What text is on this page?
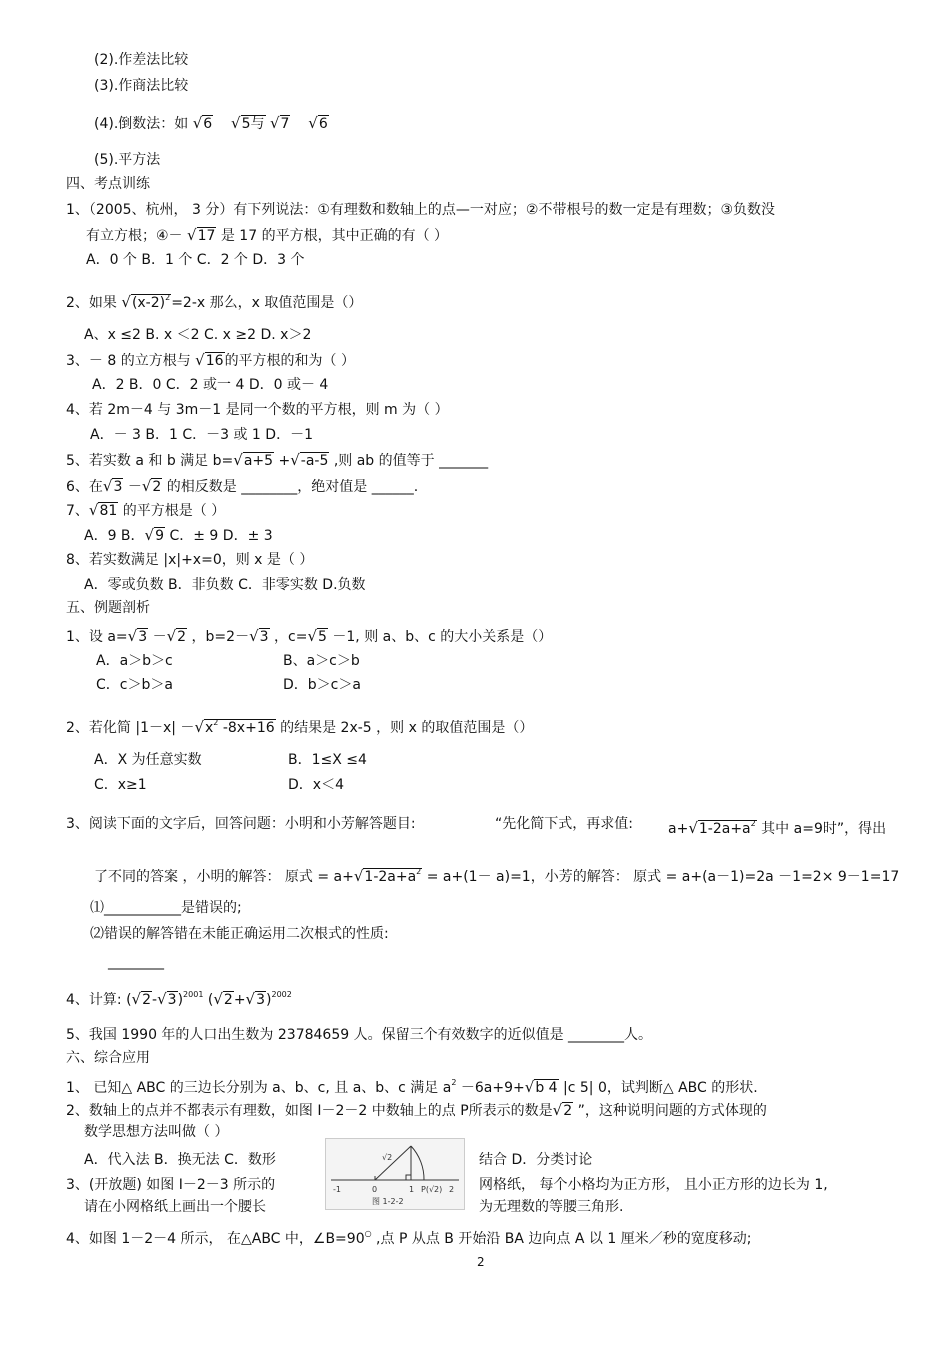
(2).作差法比较
(3).作商法比较
(4).倒数法：如 √6 √5与 √7 √6
(5).平方法
四、考点训练
1、（2005、杭州， 3 分）有下列说法：①有理数和数轴上的点—一对应；②不带根号的数一定是有理数；③负数没
有立方根；④－ √17 是 17 的平方根，其中正确的有（ ）
A．0 个 B．1 个 C．2 个 D．3 个
2、如果 $√(x-2)^2=2-x$ 那么，x 取值范围是（）
A、x ≤2 B. x ＜2 C. x ≥2 D. x＞2
3、－ 8 的立方根与 √16的平方根的和为（ ）
A．2 B．0 C．2 或一 4 D．0 或－ 4
4、若 2m－4 与 3m－1 是同一个数的平方根，则 m 为（ ）
A．－ 3 B．1 C．－3 或 1 D．－1
5、若实数 a 和 b 满足 b=√a+5 +√-a-5 ,则 ab 的值等于 _______
6、在√3 －√2 的相反数是 ________，绝对值是 ______.
7、√81 的平方根是（ ）
A．9 B．√9 C．± 9 D．± 3
8、若实数满足 |x|+x=0，则 x 是（ ）
A．零或负数 B．非负数 C．非零实数 D.负数
五、例题剖析
1、设 a=√3 －√2 ，b=2－√3 ，c=√5 －1, 则 a、b、c 的大小关系是（）
A．a＞b＞c	B、a＞c＞b
C．c＞b＞a	D．b＞c＞a
2、若化简 $|1-x| -√x^2$ -8x+16 的结果是 2x-5 ，则 x 的取值范围是（）
A．X 为任意实数	B．1≤X ≤4
C．x≥1	D．x＜4
3、阅读下面的文字后，回答问题：小明和小芳解答题目:	“先化简下式，再求值:	$a+√1-2a+a^2$ 其中 a=9时”，得出
了不同的答案 ，小明的解答： 原式 = $a+√1-2a+a^2 = a+(1- a)=1$，小芳的解答： 原式 = a+(a－1)=2a －1=2× 9－1=17
⑴___________是错误的;
⑵错误的解答错在未能正确运用二次根式的性质:
________
4、计算: $(√2-√3)^{2001}$ $(√2+√3)^{2002}$
5、我国 1990 年的人口出生数为 23784659 人。保留三个有效数字的近似值是 ________人。
六、综合应用
1、 已知△ ABC 的三边长分别为 a、b、c, 且 a、b、c 满足 $a^2 -6a+9+√b$ 4 |c 5| 0，试判断△ ABC 的形状.
2、数轴上的点并不都表示有理数，如图 I－2－2 中数轴上的点 P所表示的数是√2 ”，这种说明问题的方式体现的
数学思想方法叫做（ ）
A．代入法 B．换无法 C．数形	结合 D．分类讨论
3、(开放题) 如图 I－2－3 所示的
请在小网格纸上画出一个腰长
网格纸， 每个小格均为正方形， 且小正方形的边长为 1,
为无理数的等腰三角形.
-1	0	1	2
√2
P(√2)
图 1-2-2
4、如图 1－2－4 所示， 在△ABC 中，∠B=90○ ,点 P 从点 B 开始沿 BA 边向点 A 以 1 厘米／秒的宽度移动;
2
